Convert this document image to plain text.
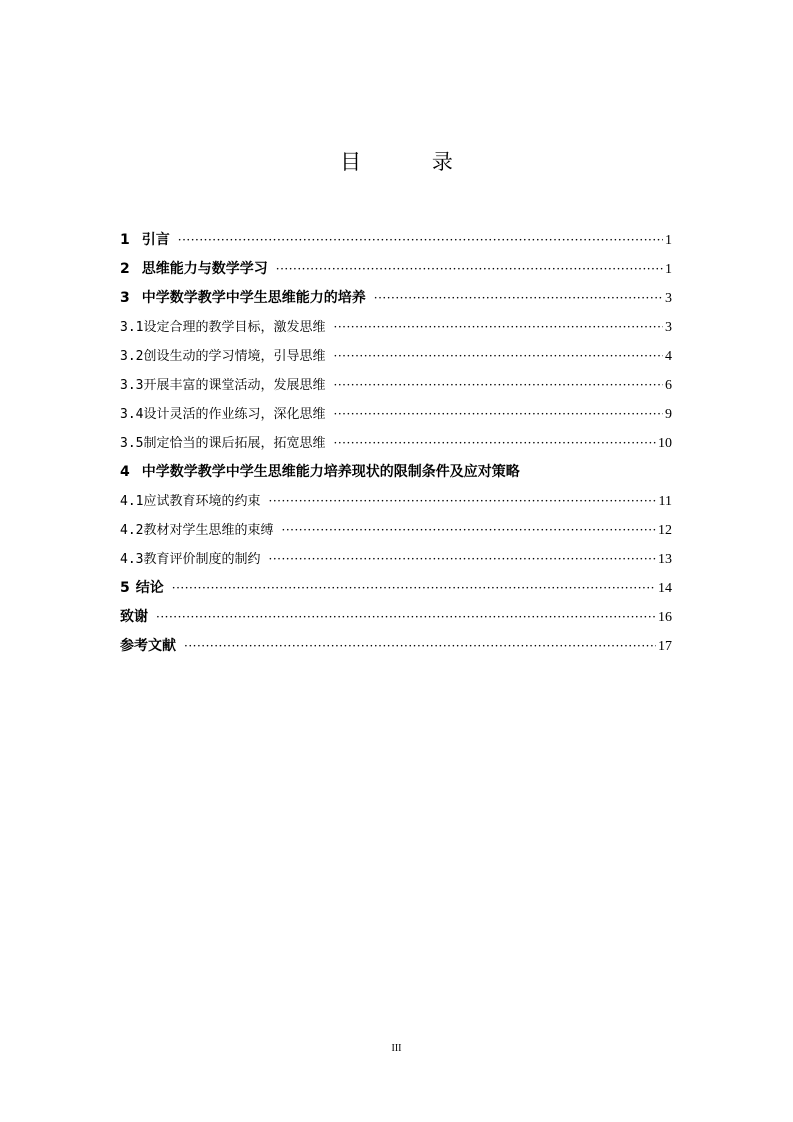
目 录
1 引言 ·····	1
2 思维能力与数学学习 ·····	1
3 中学数学教学中学生思维能力的培养 ·····	3
3.1设定合理的教学目标，激发思维 ·····	3
3.2创设生动的学习情境，引导思维 ·····	4
3.3开展丰富的课堂活动，发展思维 ·····	6
3.4设计灵活的作业练习，深化思维 ·····	9
3.5制定恰当的课后拓展，拓宽思维 ·····	10
4 中学数学教学中学生思维能力培养现状的限制条件及应对策略
4.1应试教育环境的约束 ·····	11
4.2教材对学生思维的束缚 ·····	12
4.3教育评价制度的制约 ·····	13
5 结论 ·····	14
致谢 ·····	16
参考文献 ·····	17
III
